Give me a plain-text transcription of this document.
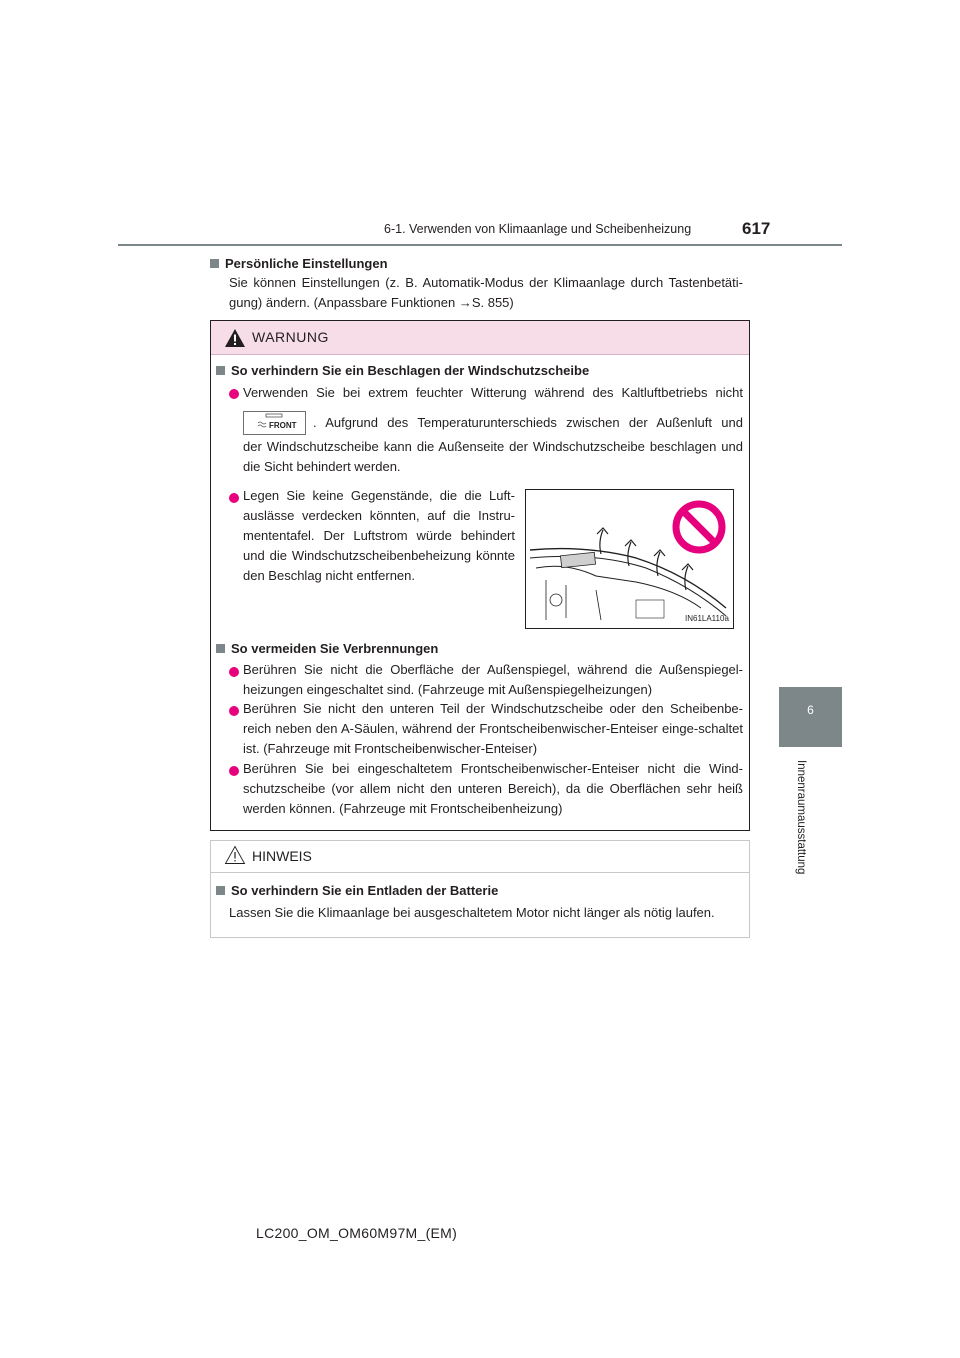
6-1. Verwenden von Klimaanlage und Scheibenheizung	617
6
Innenraumausstattung
Persönliche Einstellungen
Sie können Einstellungen (z. B. Automatik-Modus der Klimaanlage durch Tastenbetäti-gung) ändern. (Anpassbare Funktionen →S. 855)
WARNUNG
So verhindern Sie ein Beschlagen der Windschutzscheibe
Verwenden Sie bei extrem feuchter Witterung während des Kaltluftbetriebs nicht
FRONT . Aufgrund des Temperaturunterschieds zwischen der Außenluft und
der Windschutzscheibe kann die Außenseite der Windschutzscheibe beschlagen und die Sicht behindert werden.
Legen Sie keine Gegenstände, die die Luft-auslässe verdecken könnten, auf die Instru-mententafel. Der Luftstrom würde behindert und die Windschutzscheibenbeheizung könnte den Beschlag nicht entfernen.
IN61LA110a
So vermeiden Sie Verbrennungen
Berühren Sie nicht die Oberfläche der Außenspiegel, während die Außenspiegel-heizungen eingeschaltet sind. (Fahrzeuge mit Außenspiegelheizungen)
Berühren Sie nicht den unteren Teil der Windschutzscheibe oder den Scheibenbe-reich neben den A-Säulen, während der Frontscheibenwischer-Enteiser einge-schaltet ist. (Fahrzeuge mit Frontscheibenwischer-Enteiser)
Berühren Sie bei eingeschaltetem Frontscheibenwischer-Enteiser nicht die Wind-schutzscheibe (vor allem nicht den unteren Bereich), da die Oberflächen sehr heiß werden können. (Fahrzeuge mit Frontscheibenheizung)
HINWEIS
So verhindern Sie ein Entladen der Batterie
Lassen Sie die Klimaanlage bei ausgeschaltetem Motor nicht länger als nötig laufen.
LC200_OM_OM60M97M_(EM)
